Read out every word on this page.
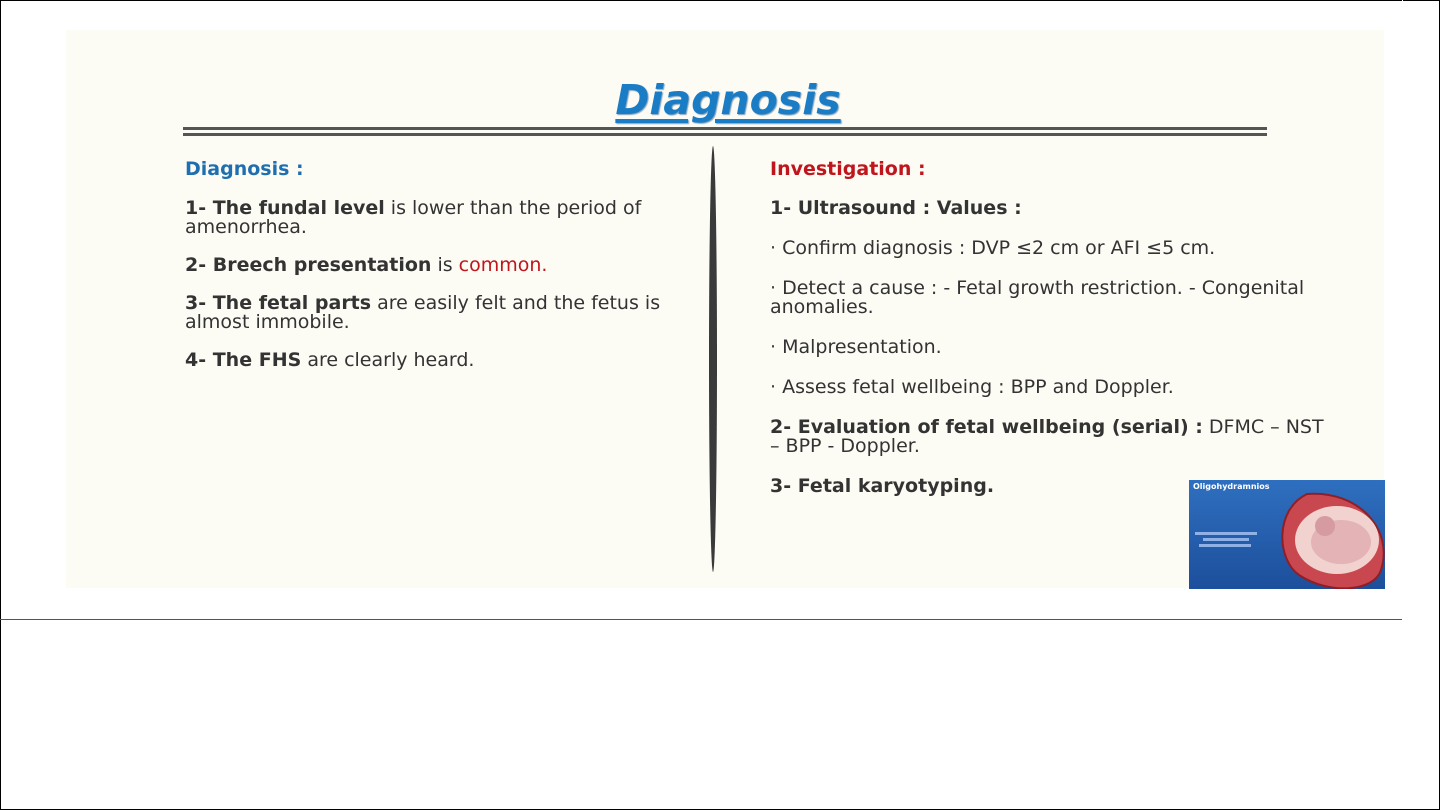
Diagnosis
Diagnosis :
1- The fundal level is lower than the period of amenorrhea.
2- Breech presentation is common.
3- The fetal parts are easily felt and the fetus is almost immobile.
4- The FHS are clearly heard.
Investigation :
1- Ultrasound : Values :
· Confirm diagnosis : DVP ≤2 cm or AFI ≤5 cm.
· Detect a cause : - Fetal growth restriction. - Congenital anomalies.
· Malpresentation.
· Assess fetal wellbeing : BPP and Doppler.
2- Evaluation of fetal wellbeing (serial) : DFMC – NST – BPP - Doppler.
3- Fetal karyotyping.	Oligohydramnios
